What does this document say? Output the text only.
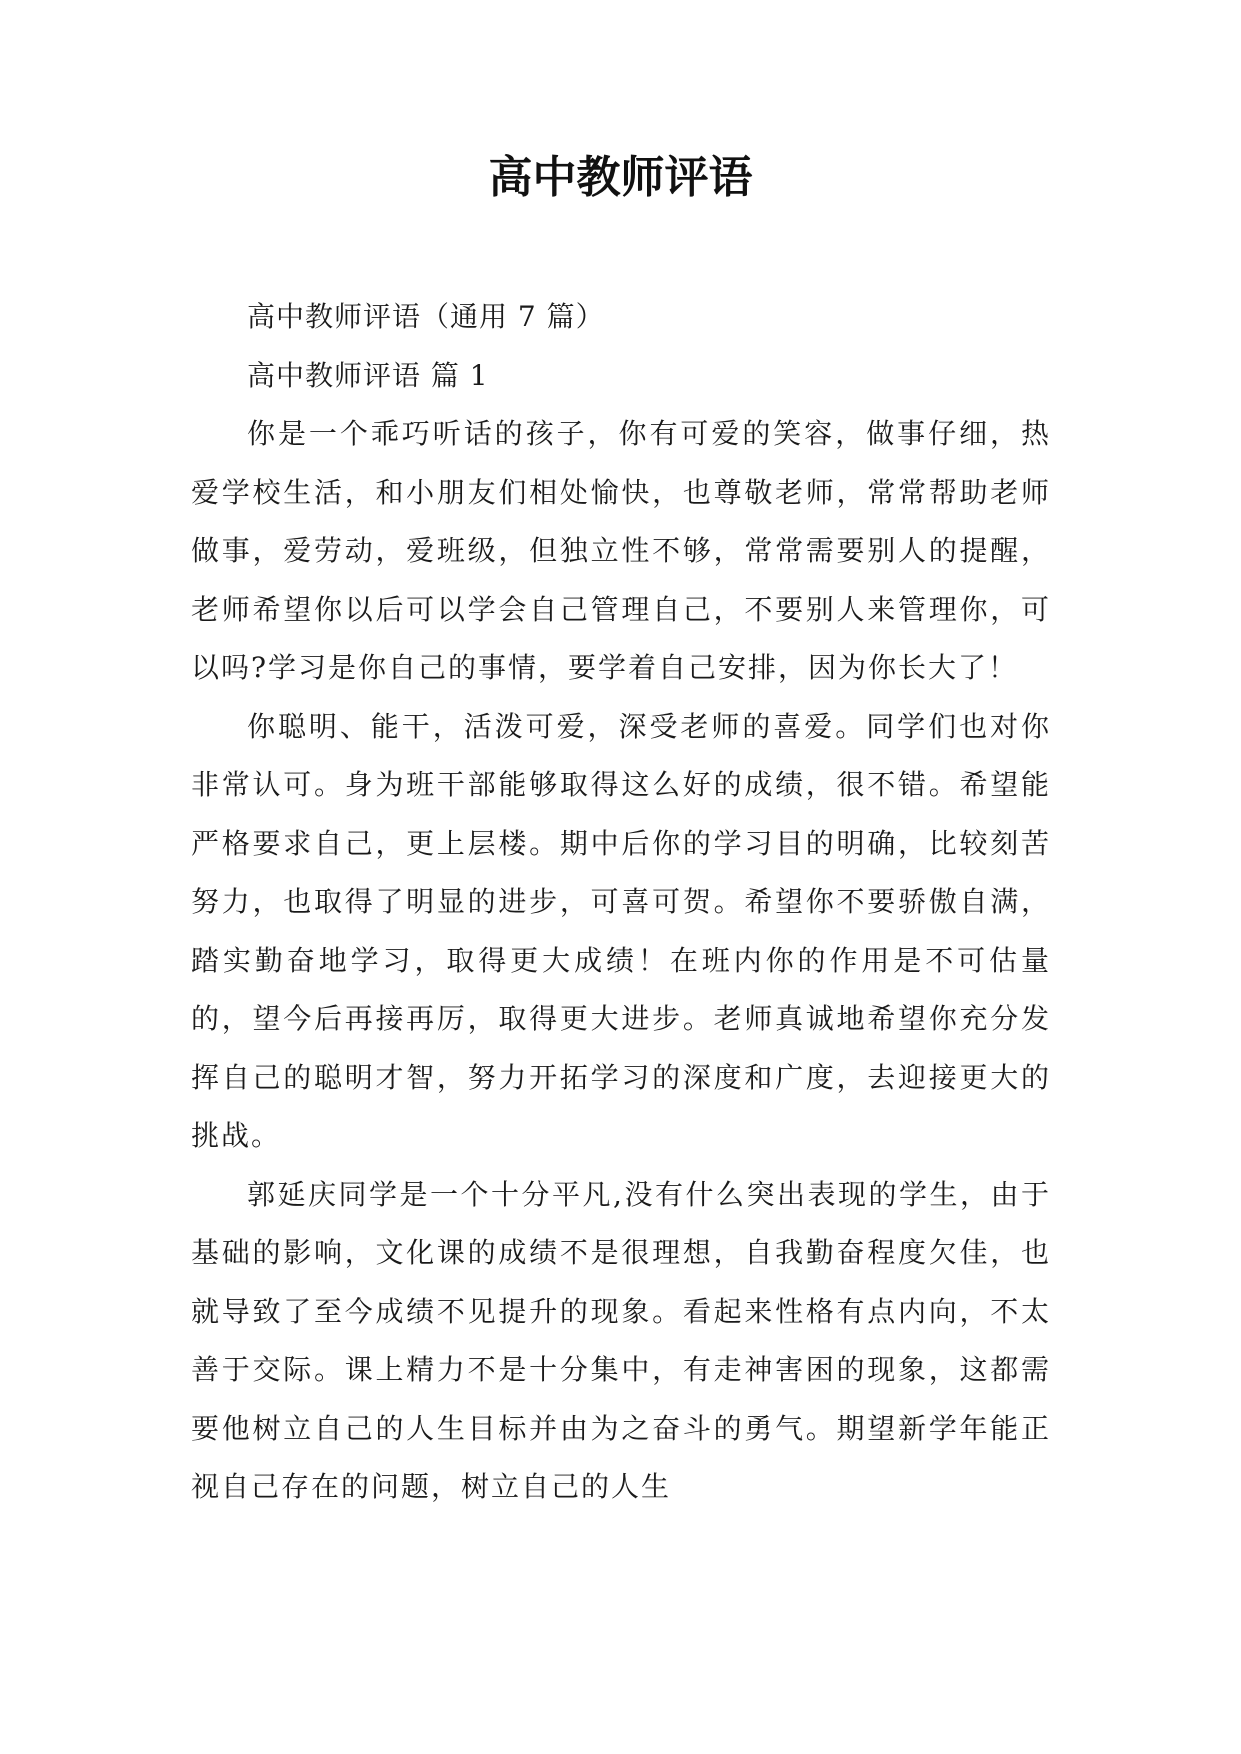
高中教师评语

高中教师评语（通用 7 篇）

高中教师评语 篇 1

你是一个乖巧听话的孩子，你有可爱的笑容，做事仔细，热爱学校生活，和小朋友们相处愉快，也尊敬老师，常常帮助老师做事，爱劳动，爱班级，但独立性不够，常常需要别人的提醒，老师希望你以后可以学会自己管理自己，不要别人来管理你，可以吗?学习是你自己的事情，要学着自己安排，因为你长大了！

你聪明、能干，活泼可爱，深受老师的喜爱。同学们也对你非常认可。身为班干部能够取得这么好的成绩，很不错。希望能严格要求自己，更上层楼。期中后你的学习目的明确，比较刻苦努力，也取得了明显的进步，可喜可贺。希望你不要骄傲自满，踏实勤奋地学习，取得更大成绩！在班内你的作用是不可估量的，望今后再接再厉，取得更大进步。老师真诚地希望你充分发挥自己的聪明才智，努力开拓学习的深度和广度，去迎接更大的挑战。

郭延庆同学是一个十分平凡,没有什么突出表现的学生，由于基础的影响，文化课的成绩不是很理想，自我勤奋程度欠佳，也就导致了至今成绩不见提升的现象。看起来性格有点内向，不太善于交际。课上精力不是十分集中，有走神害困的现象，这都需要他树立自己的人生目标并由为之奋斗的勇气。期望新学年能正视自己存在的问题，树立自己的人生
